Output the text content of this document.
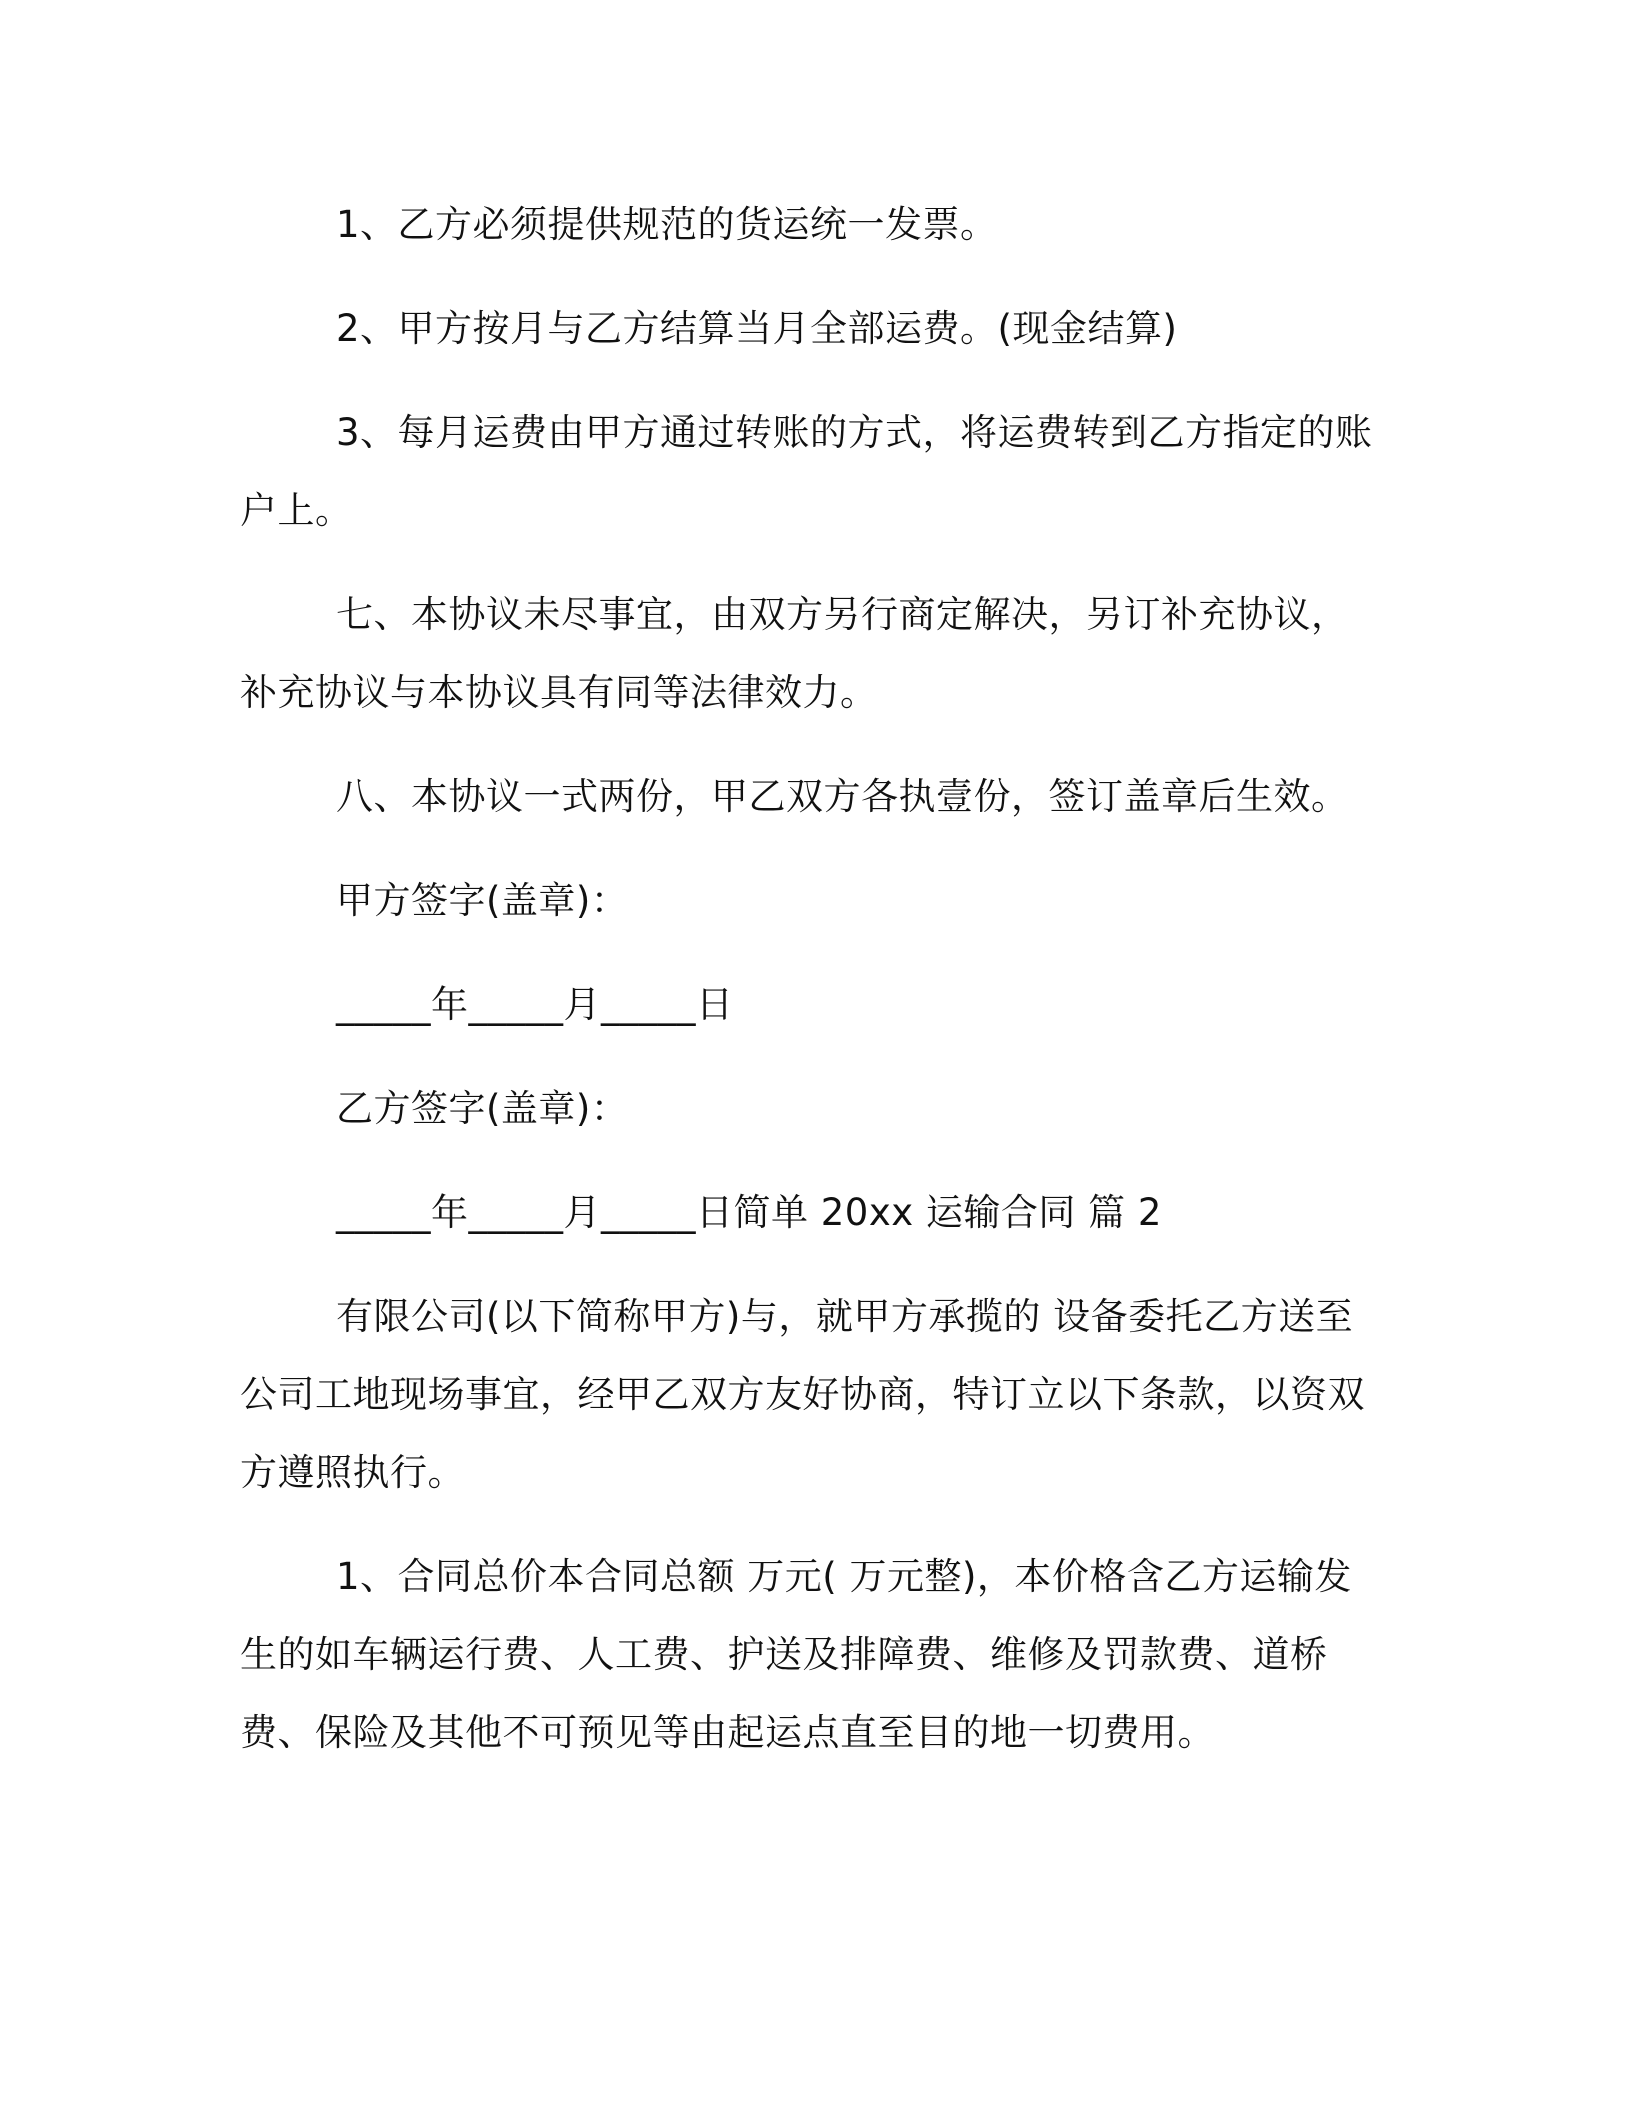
1、乙方必须提供规范的货运统一发票。

2、甲方按月与乙方结算当月全部运费。(现金结算)

3、每月运费由甲方通过转账的方式，将运费转到乙方指定的账户上。

七、本协议未尽事宜，由双方另行商定解决，另订补充协议，补充协议与本协议具有同等法律效力。

八、本协议一式两份，甲乙双方各执壹份，签订盖章后生效。

甲方签字(盖章)：

_____年_____月_____日

乙方签字(盖章)：

_____年_____月_____日简单 20xx 运输合同 篇 2

有限公司(以下简称甲方)与，就甲方承揽的 设备委托乙方送至 公司工地现场事宜，经甲乙双方友好协商，特订立以下条款，以资双方遵照执行。

1、合同总价本合同总额 万元( 万元整)，本价格含乙方运输发生的如车辆运行费、人工费、护送及排障费、维修及罚款费、道桥费、保险及其他不可预见等由起运点直至目的地一切费用。
